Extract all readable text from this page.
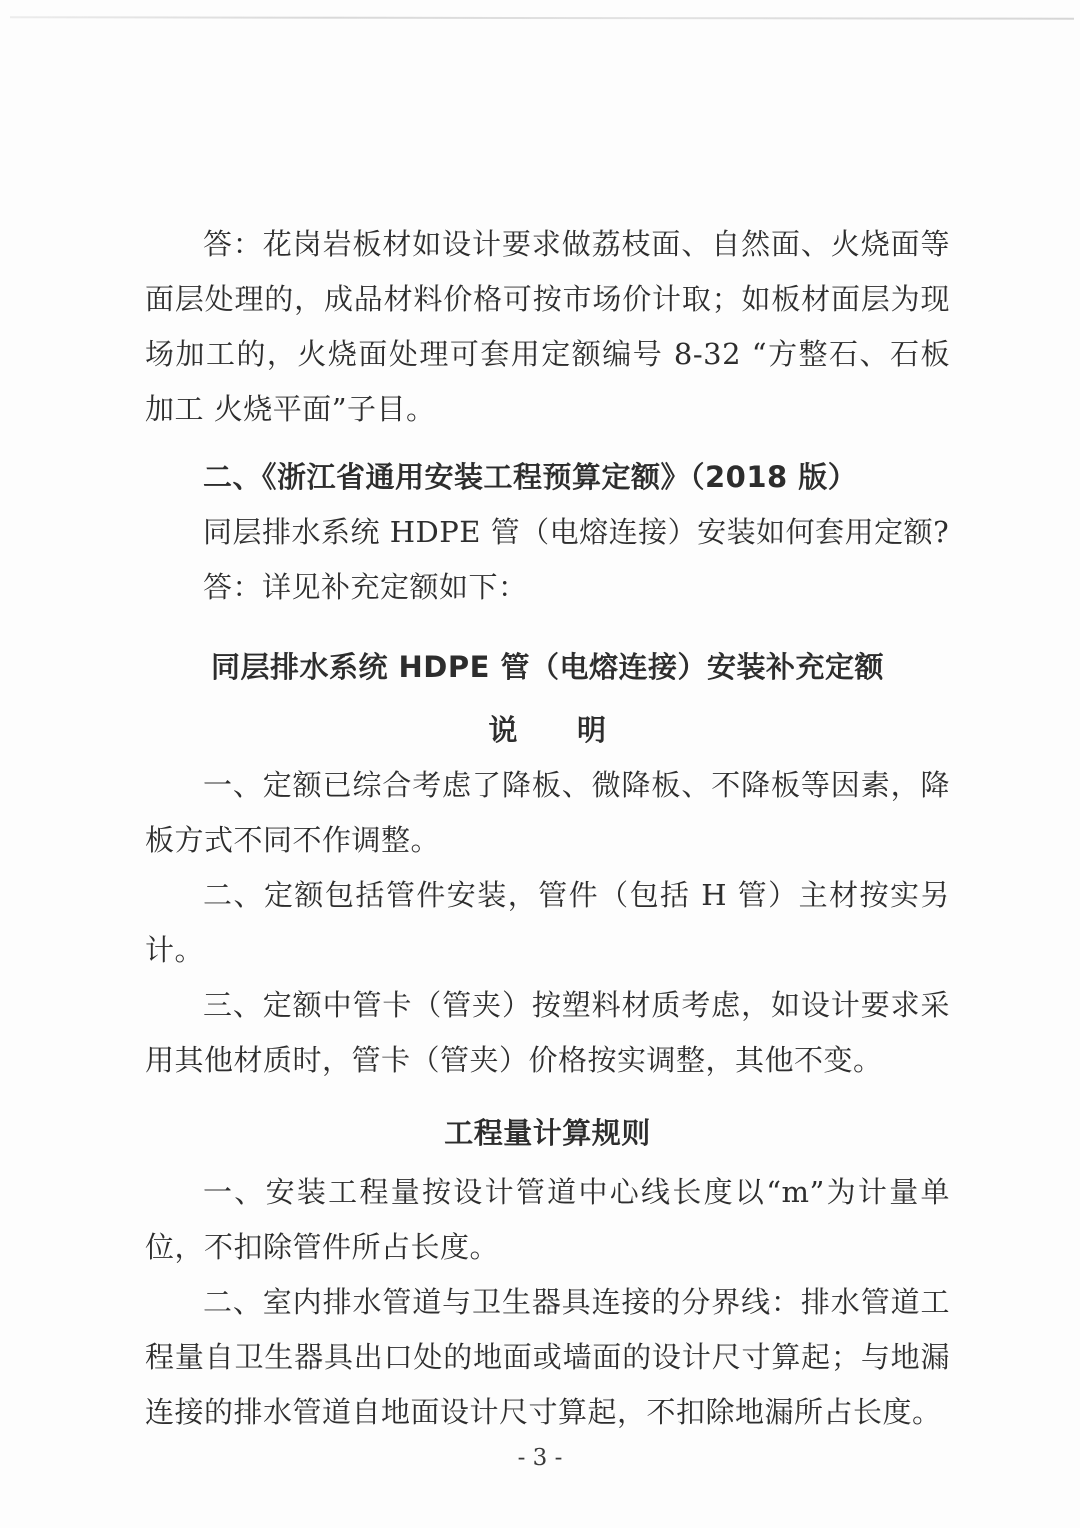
答：花岗岩板材如设计要求做荔枝面、自然面、火烧面等面层处理的，成品材料价格可按市场价计取；如板材面层为现场加工的，火烧面处理可套用定额编号 8-32 “方整石、石板加工 火烧平面”子目。

二、《浙江省通用安装工程预算定额》（2018 版）

同层排水系统 HDPE 管（电熔连接）安装如何套用定额?

答：详见补充定额如下：

同层排水系统 HDPE 管（电熔连接）安装补充定额

说　　明

一、定额已综合考虑了降板、微降板、不降板等因素，降板方式不同不作调整。

二、定额包括管件安装，管件（包括 H 管）主材按实另计。

三、定额中管卡（管夹）按塑料材质考虑，如设计要求采用其他材质时，管卡（管夹）价格按实调整，其他不变。

工程量计算规则

一、安装工程量按设计管道中心线长度以“m”为计量单位，不扣除管件所占长度。

二、室内排水管道与卫生器具连接的分界线：排水管道工程量自卫生器具出口处的地面或墙面的设计尺寸算起；与地漏连接的排水管道自地面设计尺寸算起，不扣除地漏所占长度。

- 3 -
